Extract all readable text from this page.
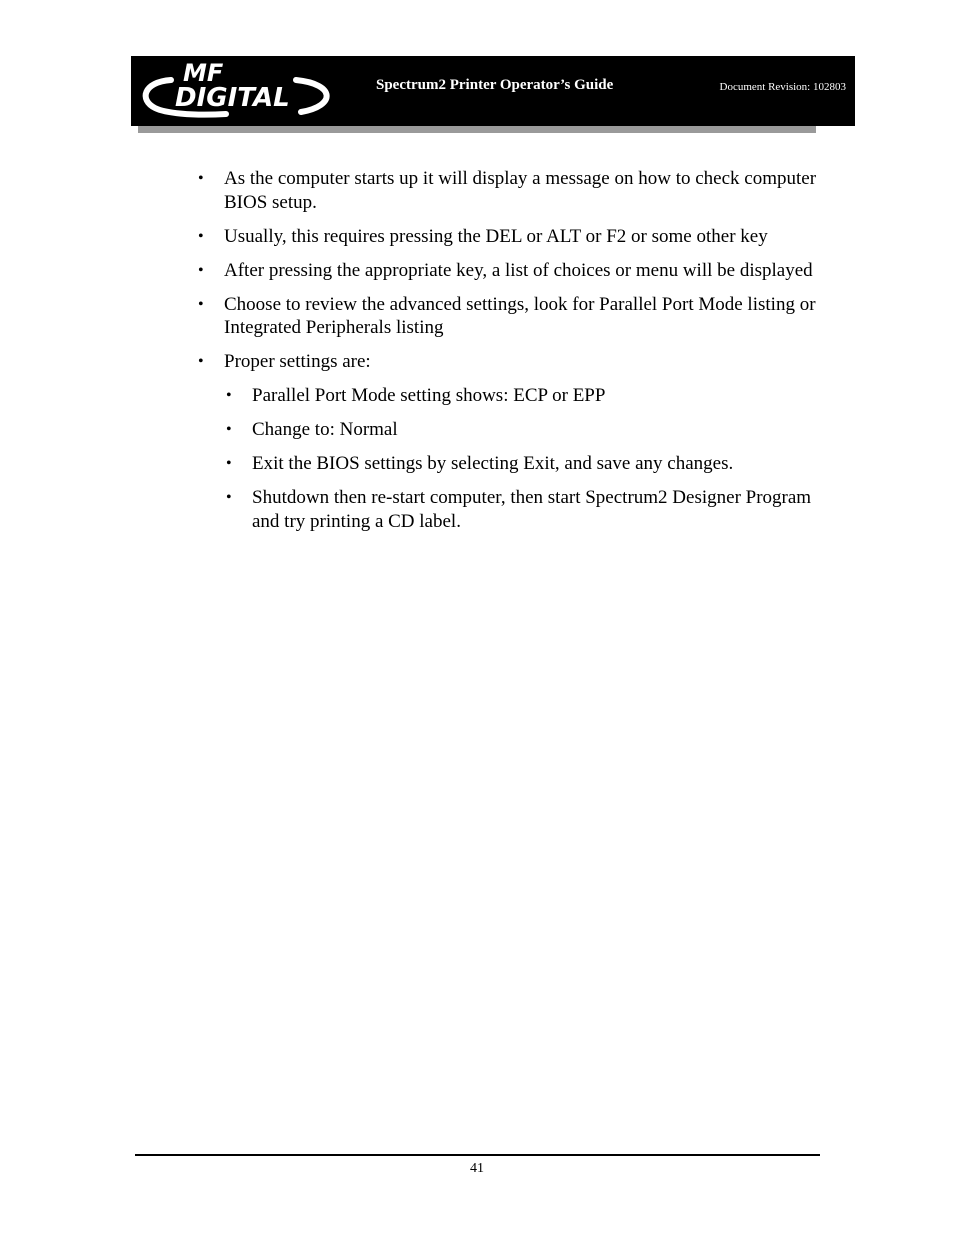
MF
DIGITAL	Spectrum2 Printer Operator’s Guide	Document Revision: 102803
• As the computer starts up it will display a message on how to check computer BIOS setup.
• Usually, this requires pressing the DEL or ALT or F2 or some other key
• After pressing the appropriate key, a list of choices or menu will be displayed
• Choose to review the advanced settings, look for Parallel Port Mode listing or Integrated Peripherals listing
• Proper settings are:
• Parallel Port Mode setting shows: ECP or EPP
• Change to: Normal
• Exit the BIOS settings by selecting Exit, and save any changes.
• Shutdown then re-start computer, then start Spectrum2 Designer Program and try printing a CD label.
41
